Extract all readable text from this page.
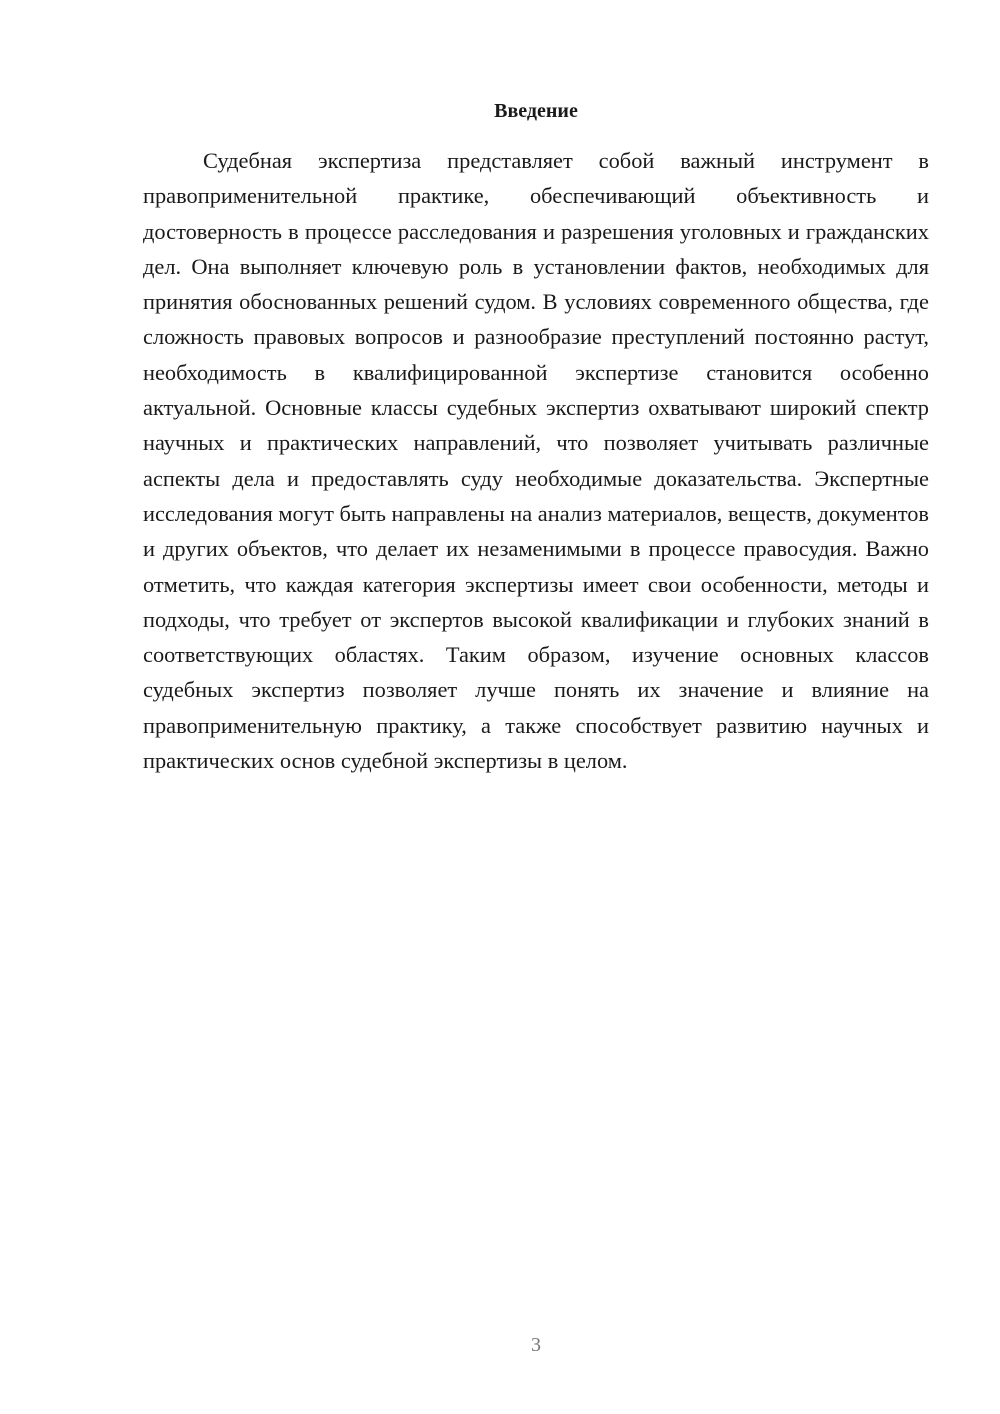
Введение

Судебная экспертиза представляет собой важный инструмент в правоприменительной практике, обеспечивающий объективность и достоверность в процессе расследования и разрешения уголовных и гражданских дел. Она выполняет ключевую роль в установлении фактов, необходимых для принятия обоснованных решений судом. В условиях современного общества, где сложность правовых вопросов и разнообразие преступлений постоянно растут, необходимость в квалифицированной экспертизе становится особенно актуальной. Основные классы судебных экспертиз охватывают широкий спектр научных и практических направлений, что позволяет учитывать различные аспекты дела и предоставлять суду необходимые доказательства. Экспертные исследования могут быть направлены на анализ материалов, веществ, документов и других объектов, что делает их незаменимыми в процессе правосудия. Важно отметить, что каждая категория экспертизы имеет свои особенности, методы и подходы, что требует от экспертов высокой квалификации и глубоких знаний в соответствующих областях. Таким образом, изучение основных классов судебных экспертиз позволяет лучше понять их значение и влияние на правоприменительную практику, а также способствует развитию научных и практических основ судебной экспертизы в целом.

3
